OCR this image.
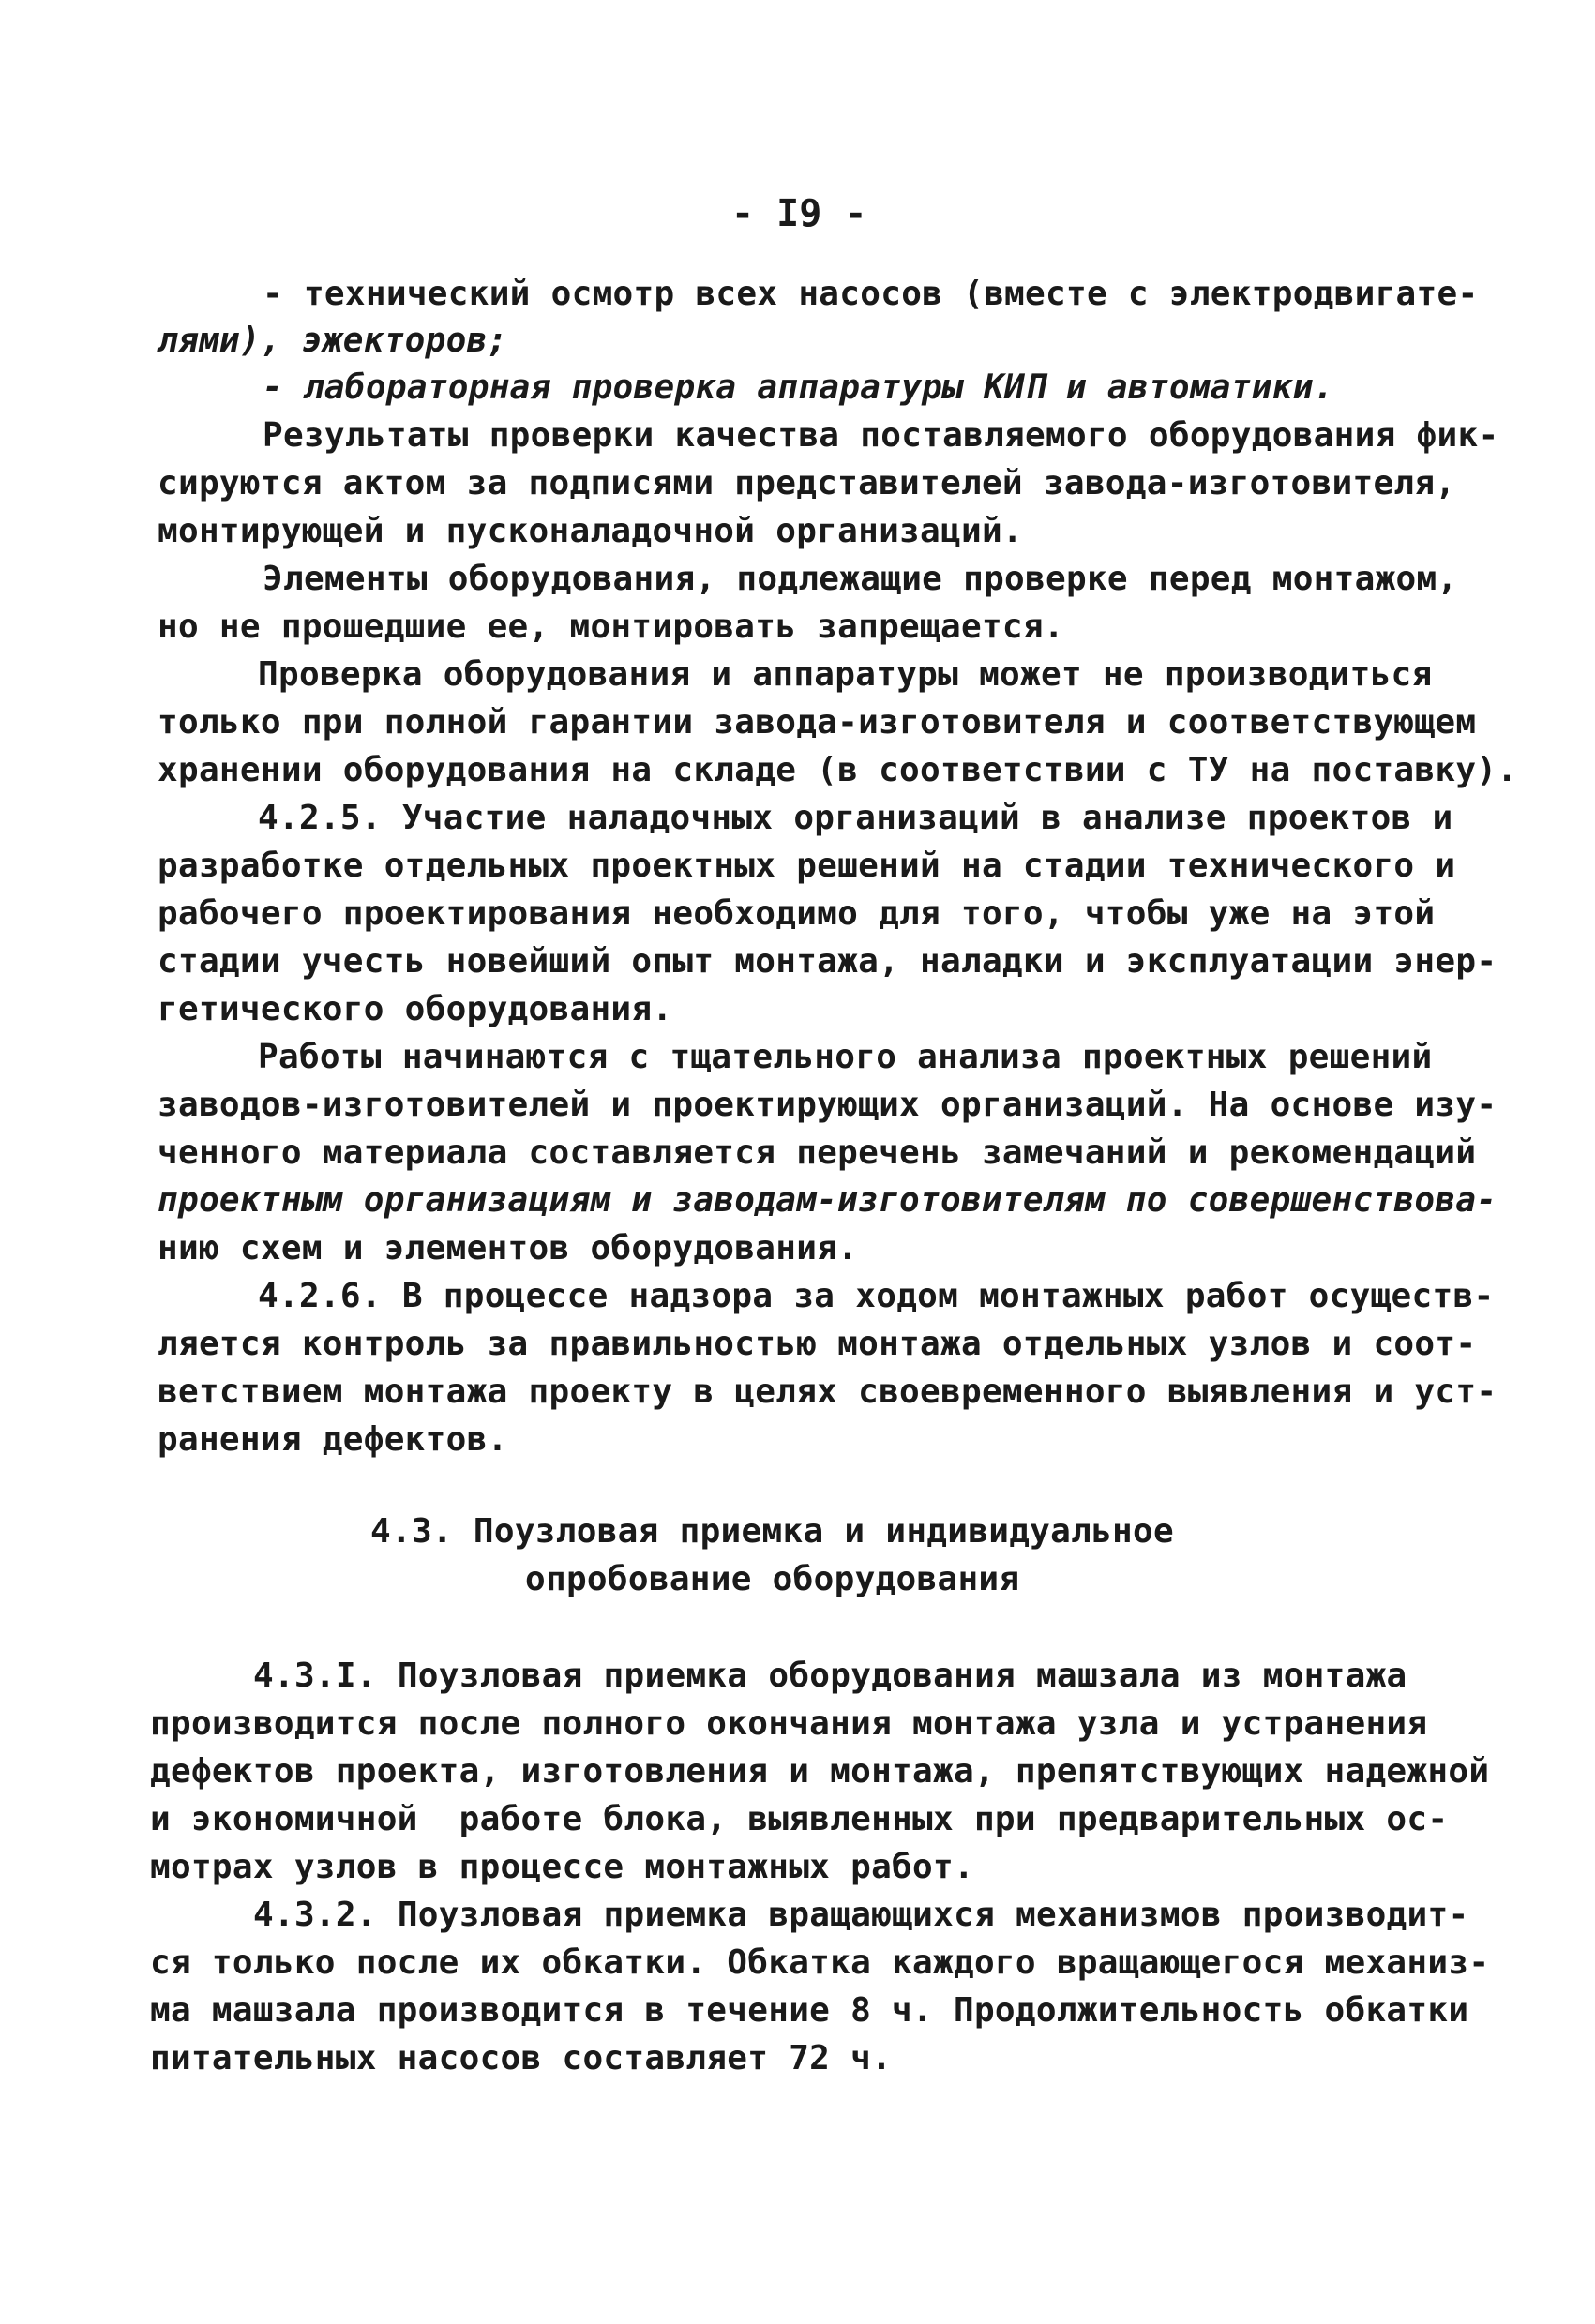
- I9 -
- технический осмотр всех насосов (вместе с электродвигате-
лями), эжекторов;
- лабораторная проверка аппаратуры КИП и автоматики.
Результаты проверки качества поставляемого оборудования фик-
сируются актом за подписями представителей завода-изготовителя,
монтирующей и пусконаладочной организаций.
Элементы оборудования, подлежащие проверке перед монтажом,
но не прошедшие ее, монтировать запрещается.
Проверка оборудования и аппаратуры может не производиться
только при полной гарантии завода-изготовителя и соответствующем
хранении оборудования на складе (в соответствии с ТУ на поставку).
4.2.5. Участие наладочных организаций в анализе проектов и
разработке отдельных проектных решений на стадии технического и
рабочего проектирования необходимо для того, чтобы уже на этой
стадии учесть новейший опыт монтажа, наладки и эксплуатации энер-
гетического оборудования.
Работы начинаются с тщательного анализа проектных решений
заводов-изготовителей и проектирующих организаций. На основе изу-
ченного материала составляется перечень замечаний и рекомендаций
проектным организациям и заводам-изготовителям по совершенствова-
нию схем и элементов оборудования.
4.2.6. В процессе надзора за ходом монтажных работ осуществ-
ляется контроль за правильностью монтажа отдельных узлов и соот-
ветствием монтажа проекту в целях своевременного выявления и уст-
ранения дефектов.
4.3. Поузловая приемка и индивидуальное
опробование оборудования
4.3.I. Поузловая приемка оборудования машзала из монтажа
производится после полного окончания монтажа узла и устранения
дефектов проекта, изготовления и монтажа, препятствующих надежной
и экономичной  работе блока, выявленных при предварительных ос-
мотрах узлов в процессе монтажных работ.
4.3.2. Поузловая приемка вращающихся механизмов производит-
ся только после их обкатки. Обкатка каждого вращающегося механиз-
ма машзала производится в течение 8 ч. Продолжительность обкатки
питательных насосов составляет 72 ч.
